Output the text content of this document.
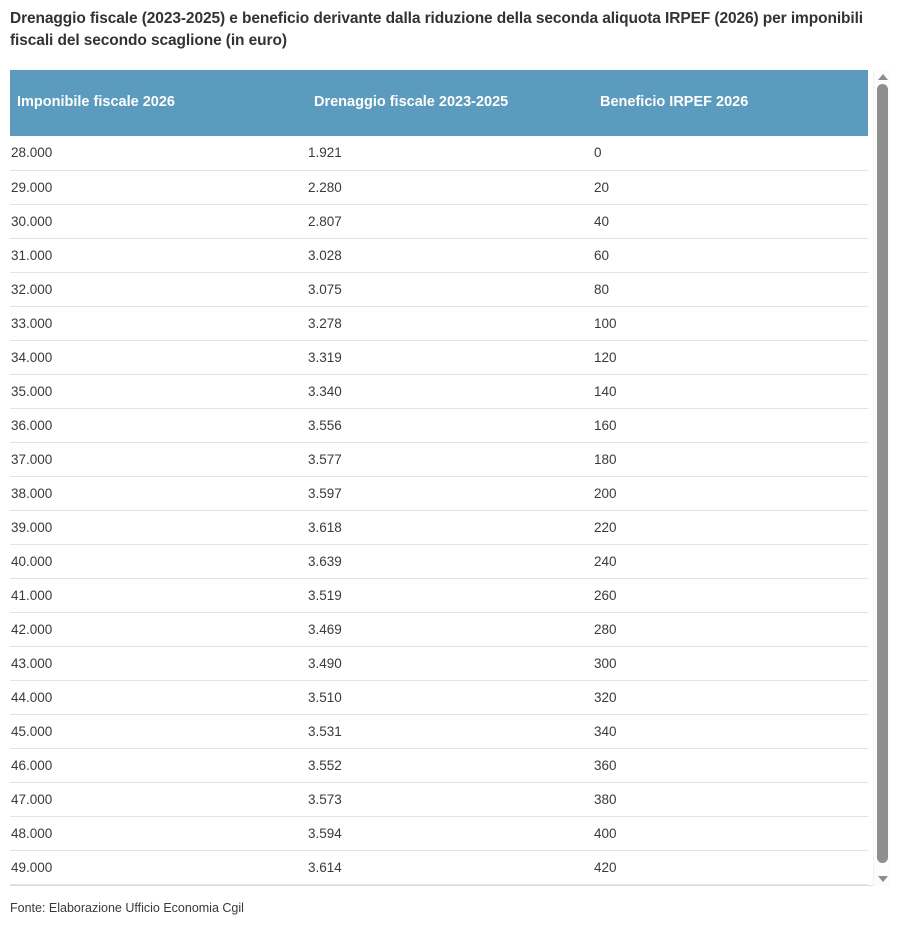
Drenaggio fiscale (2023-2025) e beneficio derivante dalla riduzione della seconda aliquota IRPEF (2026) per imponibili fiscali del secondo scaglione (in euro)
Imponibile fiscale 2026	Drenaggio fiscale 2023-2025	Beneficio IRPEF 2026
28.000	1.921	0
29.000	2.280	20
30.000	2.807	40
31.000	3.028	60
32.000	3.075	80
33.000	3.278	100
34.000	3.319	120
35.000	3.340	140
36.000	3.556	160
37.000	3.577	180
38.000	3.597	200
39.000	3.618	220
40.000	3.639	240
41.000	3.519	260
42.000	3.469	280
43.000	3.490	300
44.000	3.510	320
45.000	3.531	340
46.000	3.552	360
47.000	3.573	380
48.000	3.594	400
49.000	3.614	420
Fonte: Elaborazione Ufficio Economia Cgil
